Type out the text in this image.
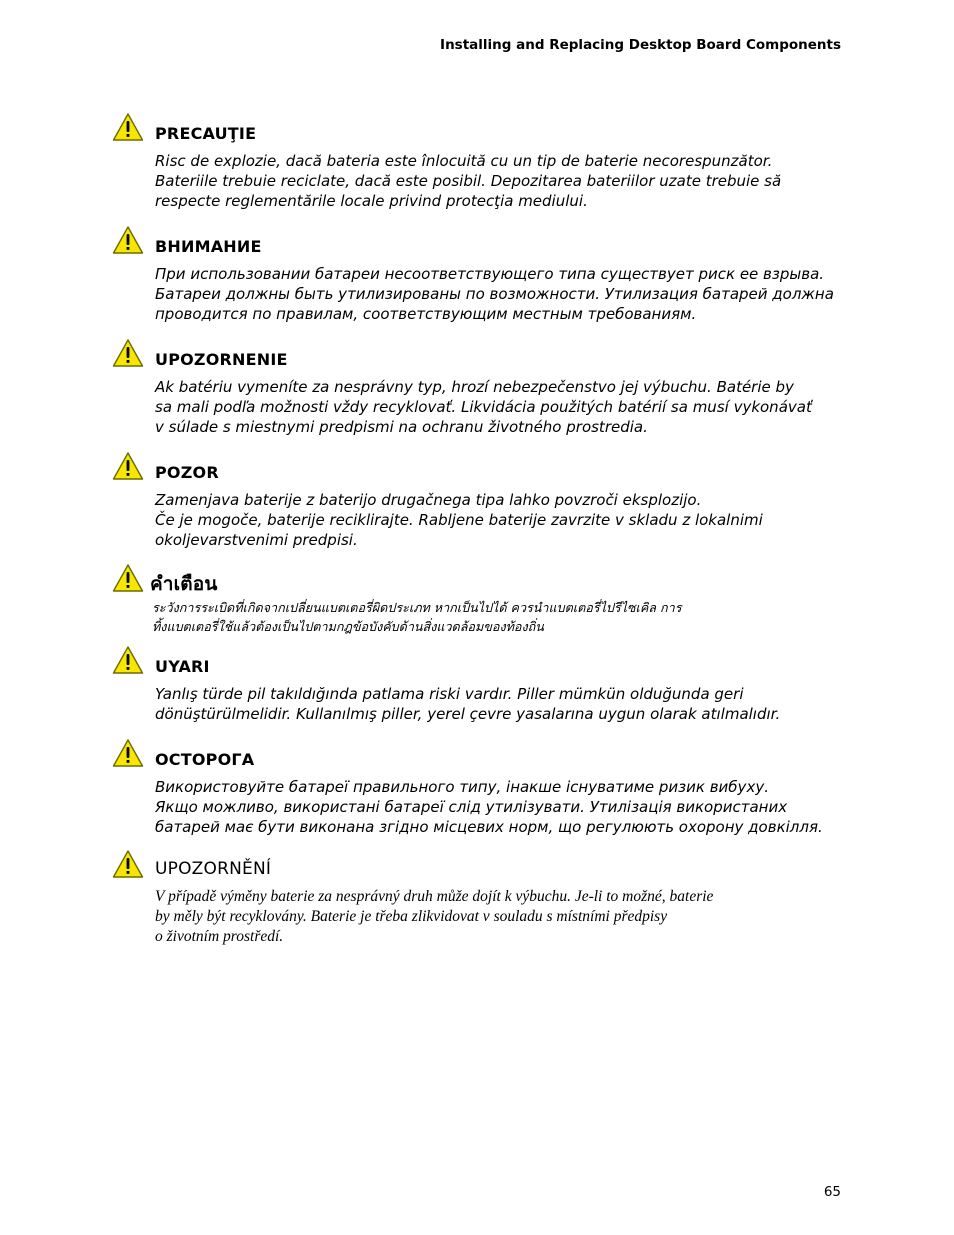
Installing and Replacing Desktop Board Components
PRECAUŢIE

Risc de explozie, dacă bateria este înlocuită cu un tip de baterie necorespunzător.

Bateriile trebuie reciclate, dacă este posibil. Depozitarea bateriilor uzate trebuie să

respecte reglementările locale privind protecţia mediului.

ВНИМАНИЕ

При использовании батареи несоответствующего типа существует риск ее взрыва.

Батареи должны быть утилизированы по возможности. Утилизация батарей должна

проводится по правилам, соответствующим местным требованиям.

UPOZORNENIE

Ak batériu vymeníte za nesprávny typ, hrozí nebezpečenstvo jej výbuchu. Batérie by

sa mali podľa možnosti vždy recyklovať. Likvidácia použitých batérií sa musí vykonávať

v súlade s miestnymi predpismi na ochranu životného prostredia.

POZOR

Zamenjava baterije z baterijo drugačnega tipa lahko povzroči eksplozijo.

Če je mogoče, baterije reciklirajte. Rabljene baterije zavrzite v skladu z lokalnimi

okoljevarstvenimi predpisi.

คำเตือน

ระวังการระเบิดที่เกิดจากเปลี่ยนแบตเตอรี่ผิดประเภท หากเป็นไปได้ ควรนำแบตเตอรี่ไปรีไซเคิล การ

ทิ้งแบตเตอรี่ใช้แล้วต้องเป็นไปตามกฎข้อบังคับด้านสิ่งแวดล้อมของท้องถิ่น

UYARI

Yanlış türde pil takıldığında patlama riski vardır. Piller mümkün olduğunda geri

dönüştürülmelidir. Kullanılmış piller, yerel çevre yasalarına uygun olarak atılmalıdır.

ОСТОРОГА

Використовуйте батареї правильного типу, інакше існуватиме ризик вибуху.

Якщо можливо, використані батареї слід утилізувати. Утилізація використаних

батарей має бути виконана згідно місцевих норм, що регулюють охорону довкілля.

UPOZORNĚNÍ

V případě výměny baterie za nesprávný druh může dojít k výbuchu. Je-li to možné, baterie

by měly být recyklovány. Baterie je třeba zlikvidovat v souladu s místními předpisy

o životním prostředí.

65
